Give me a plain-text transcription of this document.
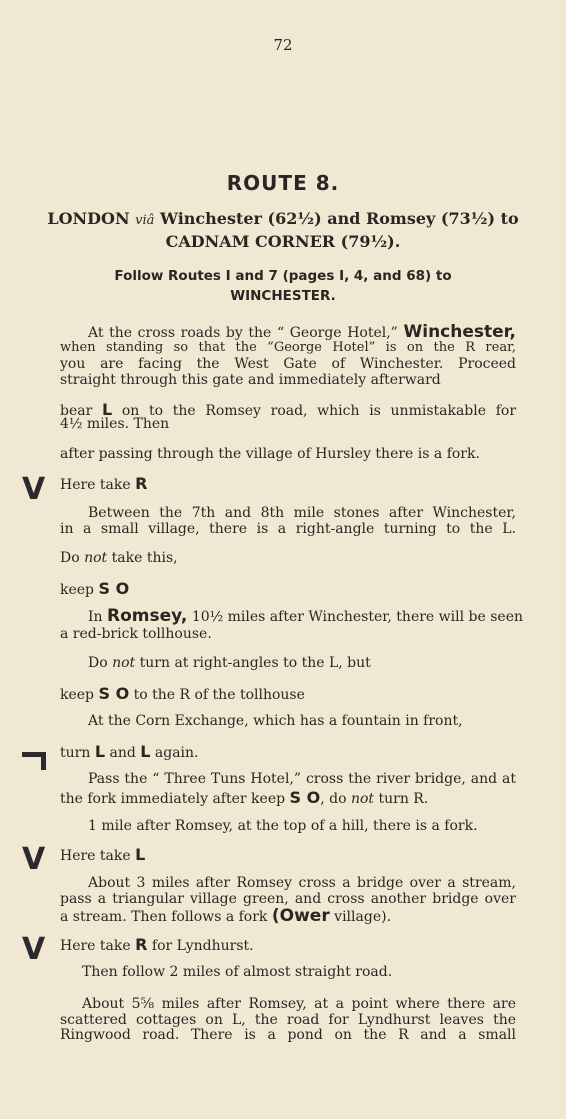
72
ROUTE 8.
LONDON viâ Winchester (62½) and Romsey (73½) to
CADNAM CORNER (79½).
Follow Routes I and 7 (pages I, 4, and 68) to
WINCHESTER.
At the cross roads by the “ George Hotel,” Winchester,
when standing so that the “George Hotel” is on the R rear,
you are facing the West Gate of Winchester. Proceed
straight through this gate and immediately afterward
bear L on to the Romsey road, which is unmistakable for
4½ miles. Then
after passing through the village of Hursley there is a fork.
V Here take R
Between the 7th and 8th mile stones after Winchester,
in a small village, there is a right-angle turning to the L.
Do not take this,
keep S O
In Romsey, 10½ miles after Winchester, there will be seen
a red-brick tollhouse.
Do not turn at right-angles to the L, but
keep S O to the R of the tollhouse
At the Corn Exchange, which has a fountain in front,
turn L and L again.
Pass the “ Three Tuns Hotel,” cross the river bridge, and at
the fork immediately after keep S O, do not turn R.
1 mile after Romsey, at the top of a hill, there is a fork.
V Here take L
About 3 miles after Romsey cross a bridge over a stream,
pass a triangular village green, and cross another bridge over
a stream. Then follows a fork (Ower village).
V Here take R for Lyndhurst.
Then follow 2 miles of almost straight road.
About 5⅝ miles after Romsey, at a point where there are
scattered cottages on L, the road for Lyndhurst leaves the
Ringwood road. There is a pond on the R and a small
